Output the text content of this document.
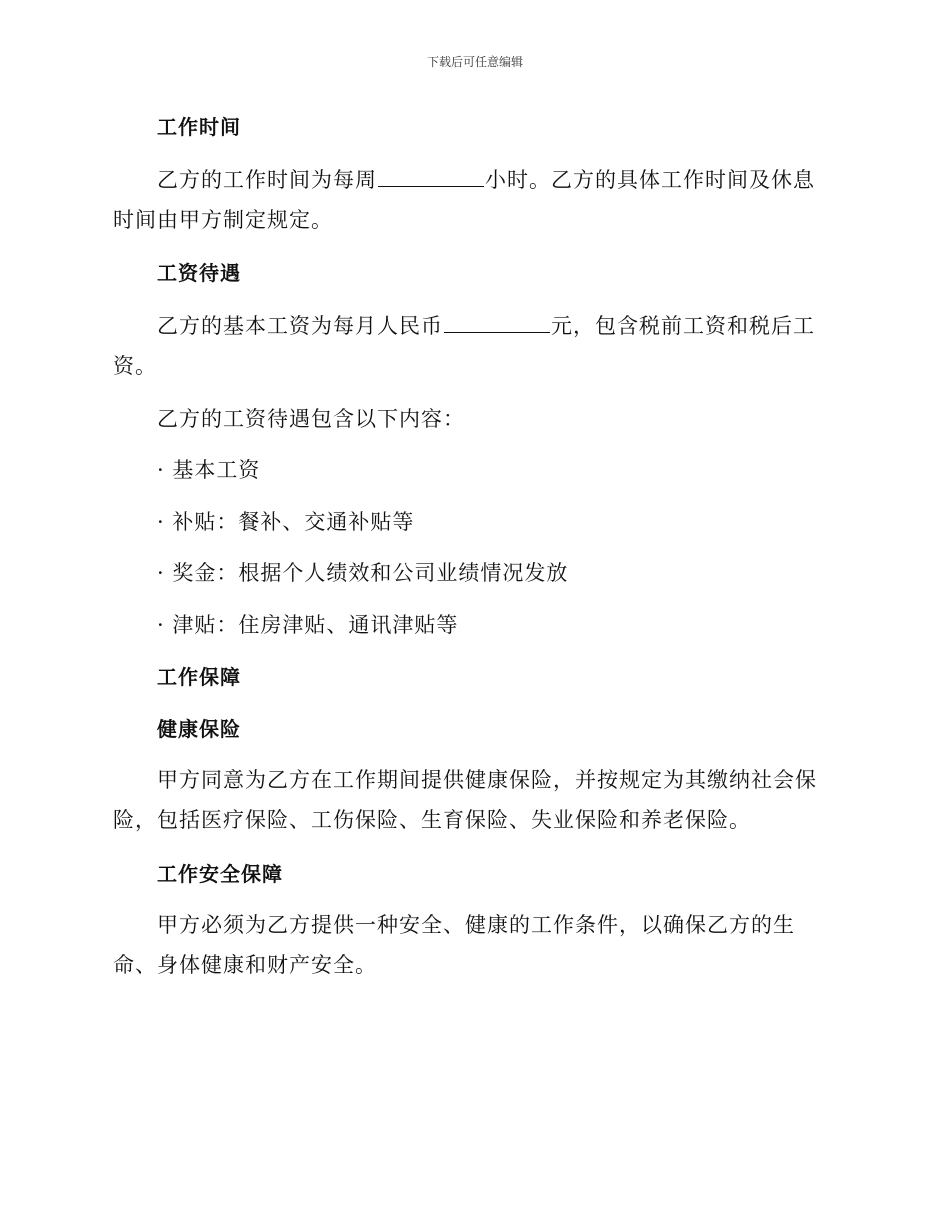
下载后可任意编辑
工作时间
乙方的工作时间为每周	小时。乙方的具体工作时间及休息时间由甲方制定规定。
工资待遇
乙方的基本工资为每月人民币	元，包含税前工资和税后工资。
乙方的工资待遇包含以下内容：
· 基本工资
· 补贴：餐补、交通补贴等
· 奖金：根据个人绩效和公司业绩情况发放
· 津贴：住房津贴、通讯津贴等
工作保障
健康保险
甲方同意为乙方在工作期间提供健康保险，并按规定为其缴纳社会保险，包括医疗保险、工伤保险、生育保险、失业保险和养老保险。
工作安全保障
甲方必须为乙方提供一种安全、健康的工作条件，以确保乙方的生命、身体健康和财产安全。
